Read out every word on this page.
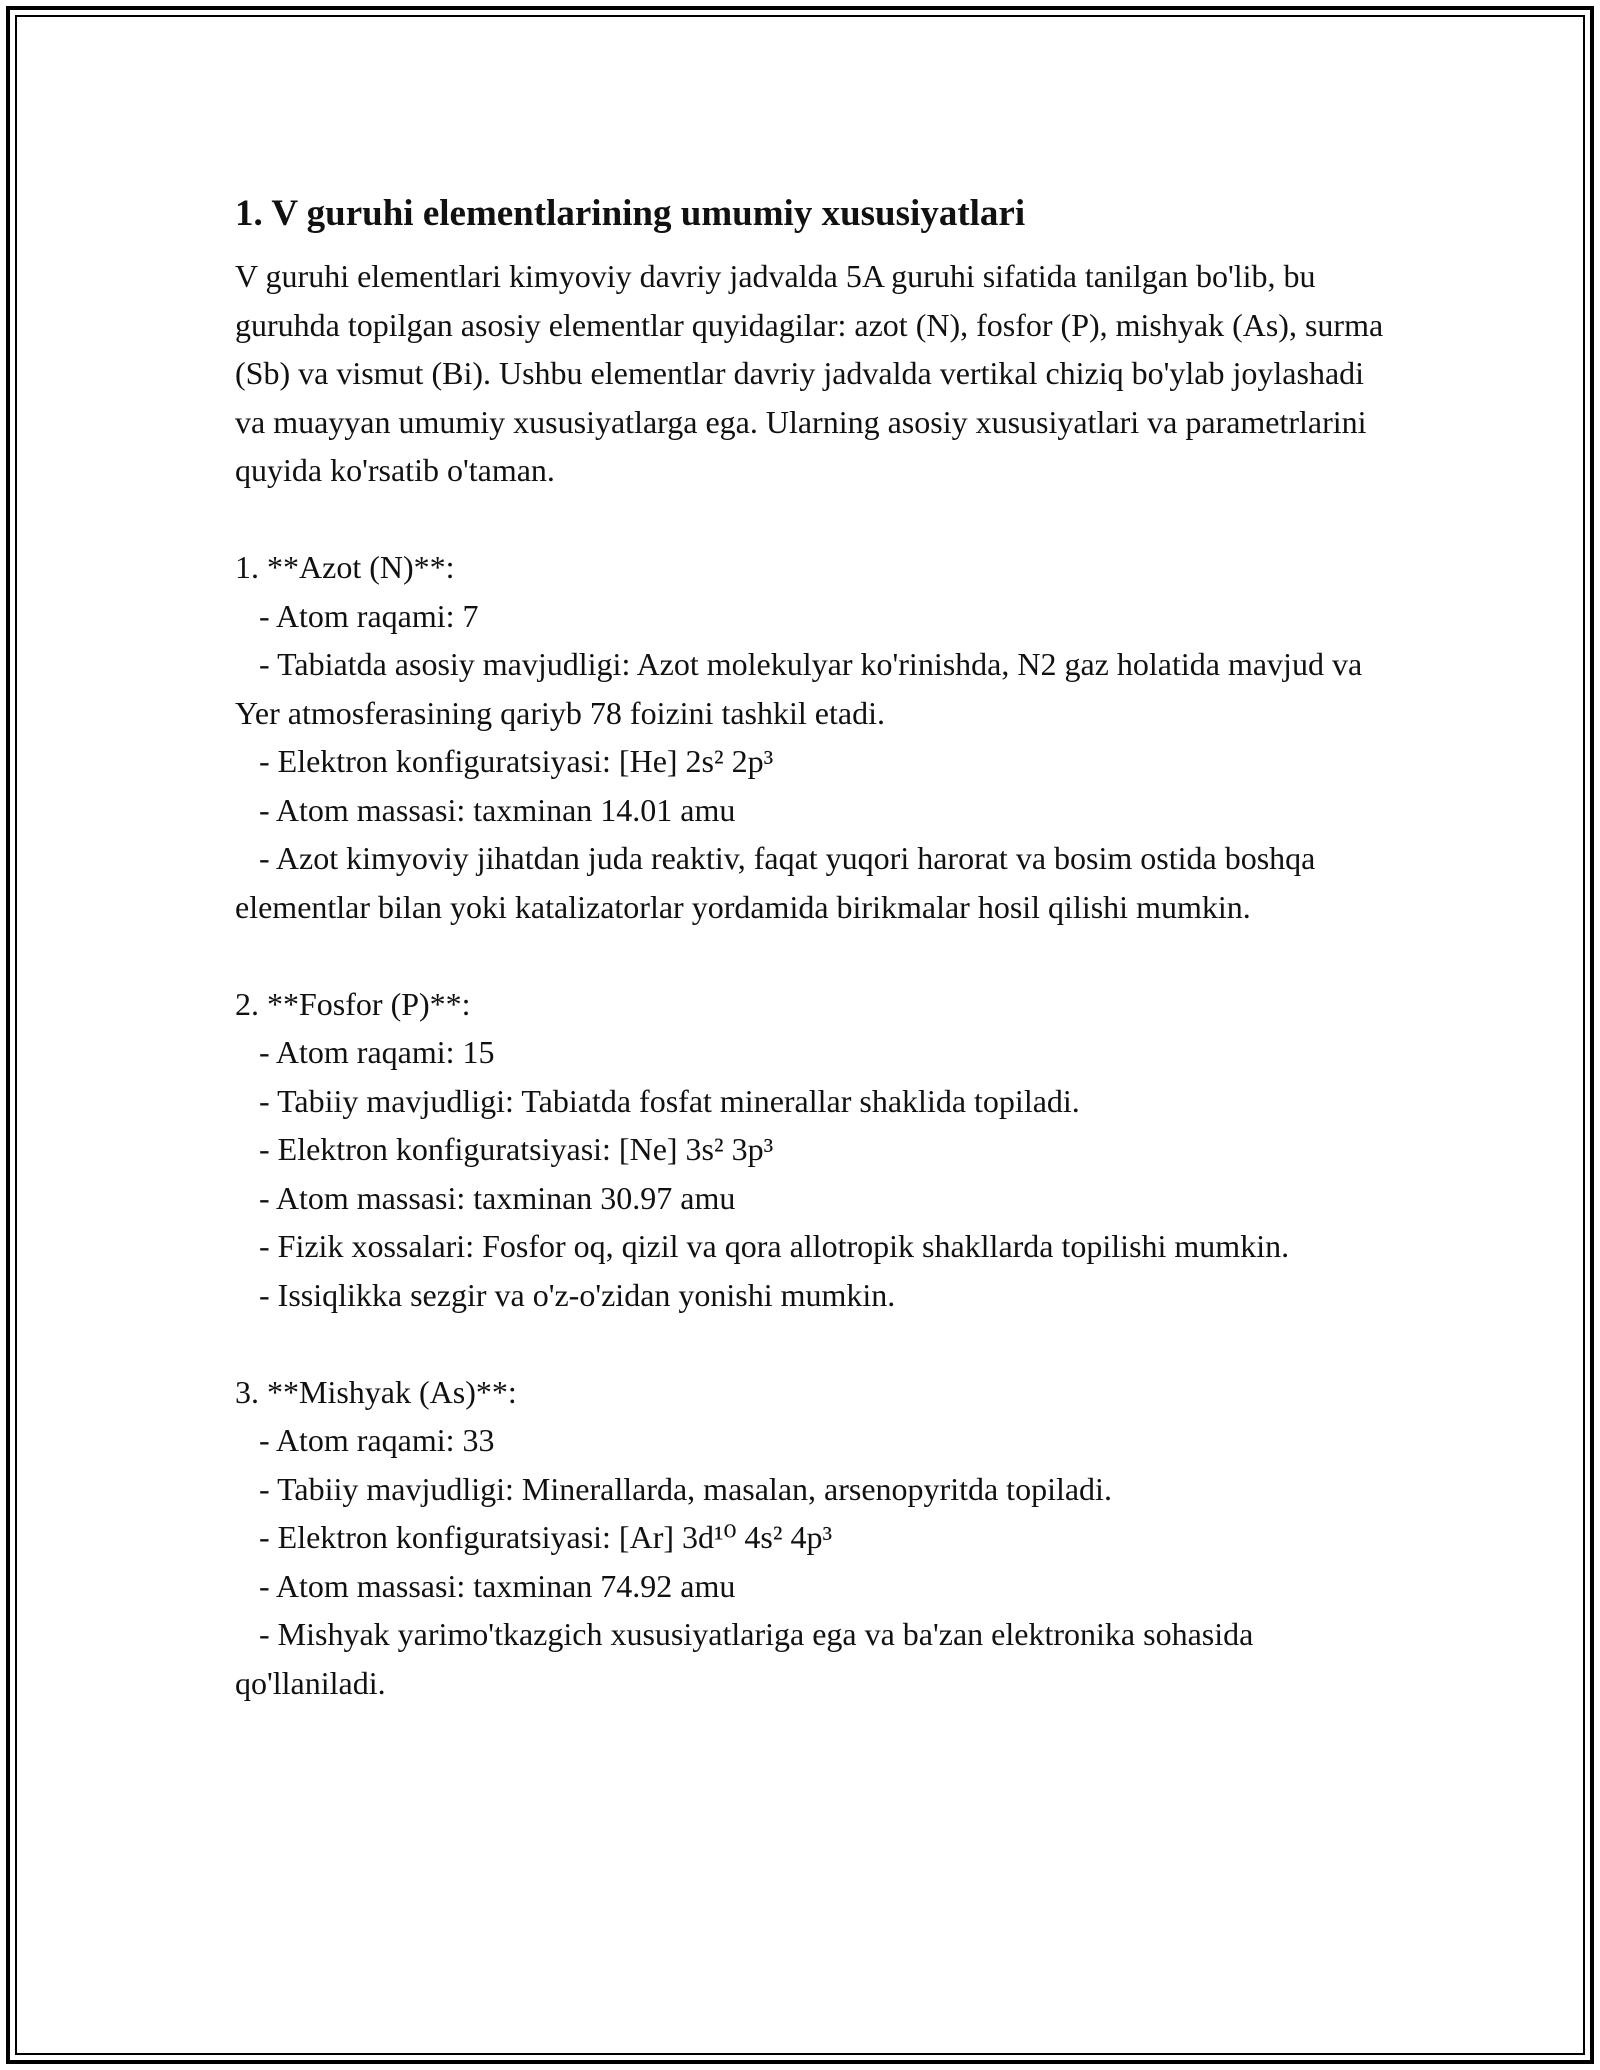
1. V guruhi elementlarining umumiy xususiyatlari

V guruhi elementlari kimyoviy davriy jadvalda 5A guruhi sifatida tanilgan bo'lib, bu guruhda topilgan asosiy elementlar quyidagilar: azot (N), fosfor (P), mishyak (As), surma (Sb) va vismut (Bi). Ushbu elementlar davriy jadvalda vertikal chiziq bo'ylab joylashadi va muayyan umumiy xususiyatlarga ega. Ularning asosiy xususiyatlari va parametrlarini quyida ko'rsatib o'taman.

1. **Azot (N)**:

- Atom raqami: 7

- Tabiatda asosiy mavjudligi: Azot molekulyar ko'rinishda, N2 gaz holatida mavjud va Yer atmosferasining qariyb 78 foizini tashkil etadi.

- Elektron konfiguratsiyasi: [He] 2s² 2p³

- Atom massasi: taxminan 14.01 amu

- Azot kimyoviy jihatdan juda reaktiv, faqat yuqori harorat va bosim ostida boshqa elementlar bilan yoki katalizatorlar yordamida birikmalar hosil qilishi mumkin.

2. **Fosfor (P)**:

- Atom raqami: 15

- Tabiiy mavjudligi: Tabiatda fosfat minerallar shaklida topiladi.

- Elektron konfiguratsiyasi: [Ne] 3s² 3p³

- Atom massasi: taxminan 30.97 amu

- Fizik xossalari: Fosfor oq, qizil va qora allotropik shakllarda topilishi mumkin.

- Issiqlikka sezgir va o'z-o'zidan yonishi mumkin.

3. **Mishyak (As)**:

- Atom raqami: 33

- Tabiiy mavjudligi: Minerallarda, masalan, arsenopyritda topiladi.

- Elektron konfiguratsiyasi: [Ar] 3d¹⁰ 4s² 4p³

- Atom massasi: taxminan 74.92 amu

- Mishyak yarimo'tkazgich xususiyatlariga ega va ba'zan elektronika sohasida qo'llaniladi.
